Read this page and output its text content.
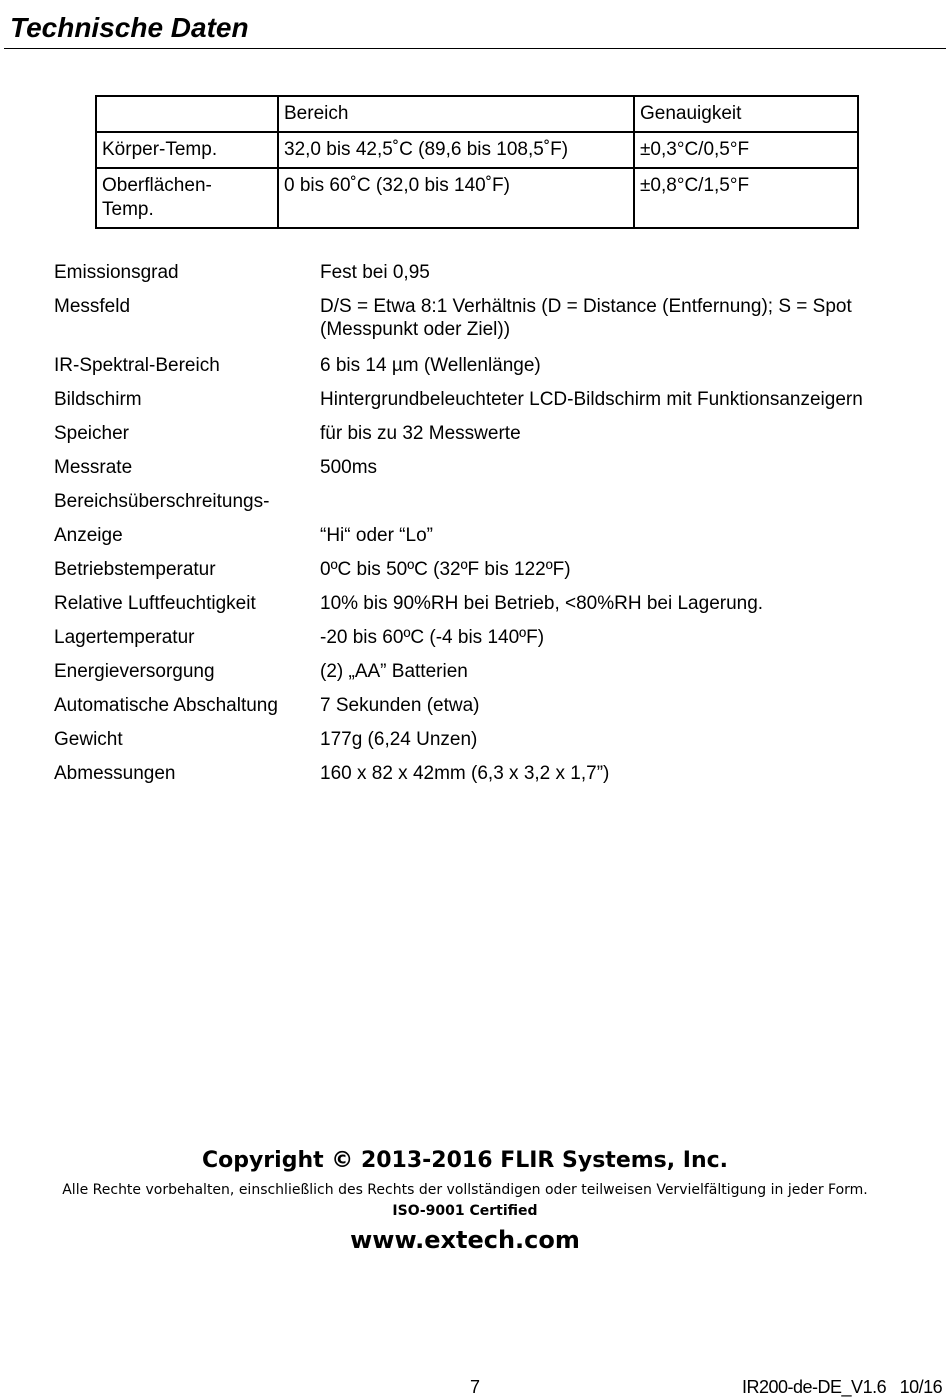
Technische Daten
	Bereich	Genauigkeit
Körper-Temp.	32,0 bis 42,5˚C (89,6 bis 108,5˚F)	±0,3°C/0,5°F
Oberflächen-Temp.	0 bis 60˚C (32,0 bis 140˚F)	±0,8°C/1,5°F
Emissionsgrad	Fest bei 0,95
Messfeld	D/S = Etwa 8:1 Verhältnis (D = Distance (Entfernung); S = Spot (Messpunkt oder Ziel))
IR-Spektral-Bereich	6 bis 14 µm (Wellenlänge)
Bildschirm	Hintergrundbeleuchteter LCD-Bildschirm mit Funktionsanzeigern
Speicher	für bis zu 32 Messwerte
Messrate	500ms
Bereichsüberschreitungs-
Anzeige	“Hi“ oder “Lo”
Betriebstemperatur	0ºC bis 50ºC (32ºF bis 122ºF)
Relative Luftfeuchtigkeit	10% bis 90%RH bei Betrieb, <80%RH bei Lagerung.
Lagertemperatur	-20 bis 60ºC (-4 bis 140ºF)
Energieversorgung	(2) „AA” Batterien
Automatische Abschaltung	7 Sekunden (etwa)
Gewicht	177g (6,24 Unzen)
Abmessungen	160 x 82 x 42mm (6,3 x 3,2 x 1,7”)
Copyright © 2013-2016 FLIR Systems, Inc.
Alle Rechte vorbehalten, einschließlich des Rechts der vollständigen oder teilweisen Vervielfältigung in jeder Form.
ISO-9001 Certified
www.extech.com
7	IR200-de-DE_V1.6   10/16
